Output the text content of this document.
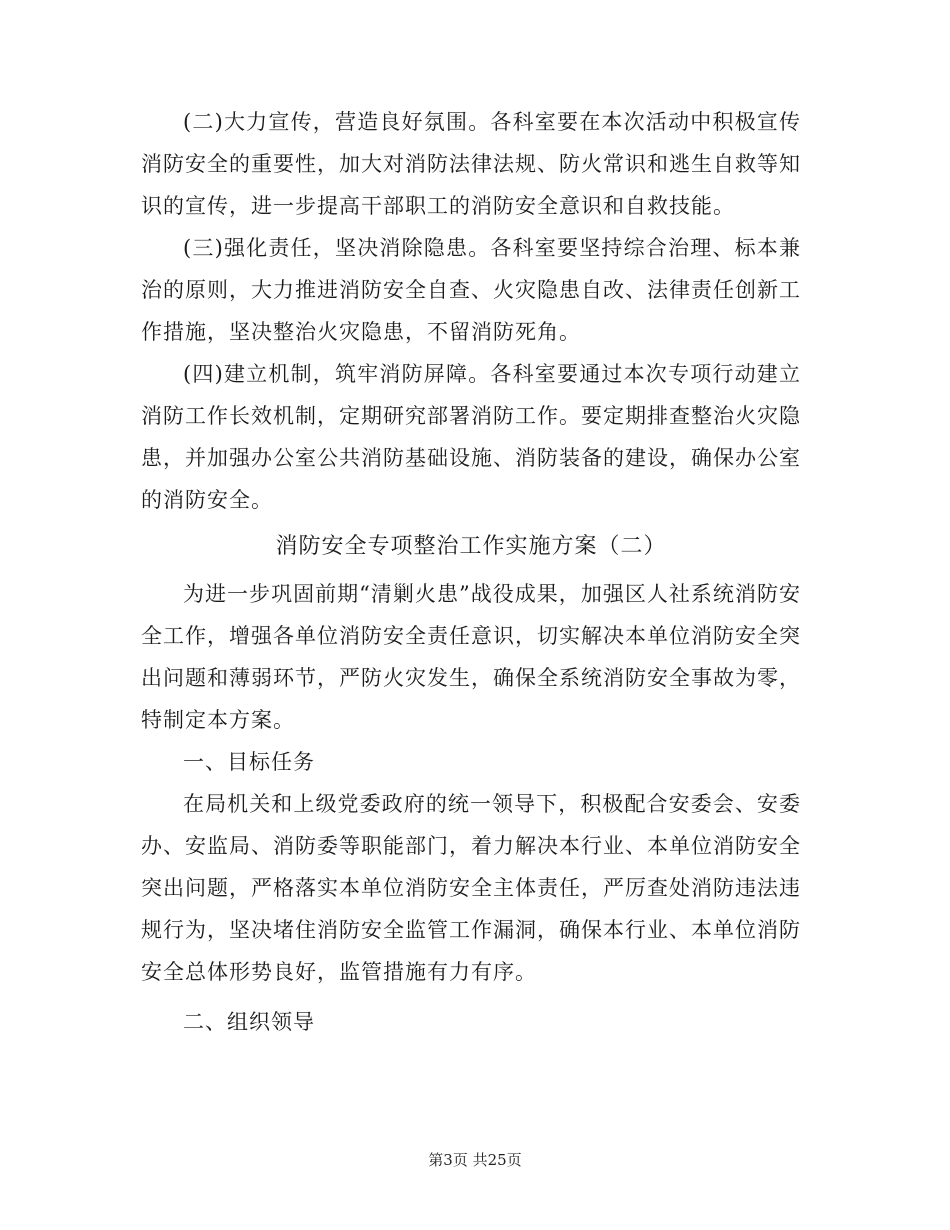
(二)大力宣传，营造良好氛围。各科室要在本次活动中积极宣传消防安全的重要性，加大对消防法律法规、防火常识和逃生自救等知识的宣传，进一步提高干部职工的消防安全意识和自救技能。

(三)强化责任，坚决消除隐患。各科室要坚持综合治理、标本兼治的原则，大力推进消防安全自查、火灾隐患自改、法律责任创新工作措施，坚决整治火灾隐患，不留消防死角。

(四)建立机制，筑牢消防屏障。各科室要通过本次专项行动建立消防工作长效机制，定期研究部署消防工作。要定期排查整治火灾隐患，并加强办公室公共消防基础设施、消防装备的建设，确保办公室的消防安全。

消防安全专项整治工作实施方案（二）

为进一步巩固前期“清剿火患”战役成果，加强区人社系统消防安全工作，增强各单位消防安全责任意识，切实解决本单位消防安全突出问题和薄弱环节，严防火灾发生，确保全系统消防安全事故为零，特制定本方案。

一、目标任务

在局机关和上级党委政府的统一领导下，积极配合安委会、安委办、安监局、消防委等职能部门，着力解决本行业、本单位消防安全突出问题，严格落实本单位消防安全主体责任，严厉查处消防违法违规行为，坚决堵住消防安全监管工作漏洞，确保本行业、本单位消防安全总体形势良好，监管措施有力有序。

二、组织领导

第3页 共25页
